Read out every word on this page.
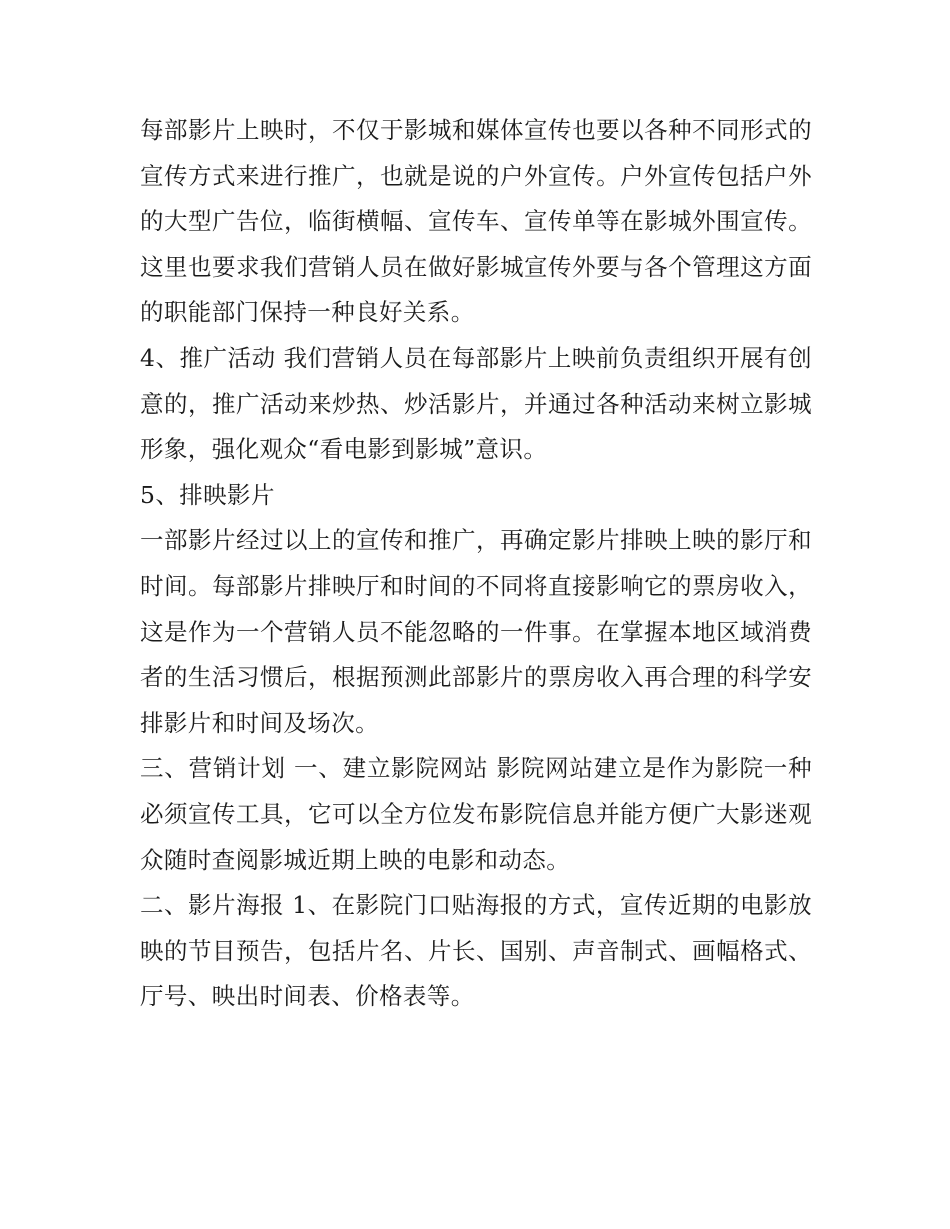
每部影片上映时，不仅于影城和媒体宣传也要以各种不同形式的宣传方式来进行推广，也就是说的户外宣传。户外宣传包括户外的大型广告位，临街横幅、宣传车、宣传单等在影城外围宣传。这里也要求我们营销人员在做好影城宣传外要与各个管理这方面的职能部门保持一种良好关系。

4、推广活动 我们营销人员在每部影片上映前负责组织开展有创意的，推广活动来炒热、炒活影片，并通过各种活动来树立影城形象，强化观众“看电影到影城”意识。

5、排映影片

一部影片经过以上的宣传和推广，再确定影片排映上映的影厅和时间。每部影片排映厅和时间的不同将直接影响它的票房收入，这是作为一个营销人员不能忽略的一件事。在掌握本地区域消费者的生活习惯后，根据预测此部影片的票房收入再合理的科学安排影片和时间及场次。

三、营销计划 一、建立影院网站 影院网站建立是作为影院一种必须宣传工具，它可以全方位发布影院信息并能方便广大影迷观众随时查阅影城近期上映的电影和动态。

二、影片海报 1、在影院门口贴海报的方式，宣传近期的电影放映的节目预告，包括片名、片长、国别、声音制式、画幅格式、厅号、映出时间表、价格表等。
